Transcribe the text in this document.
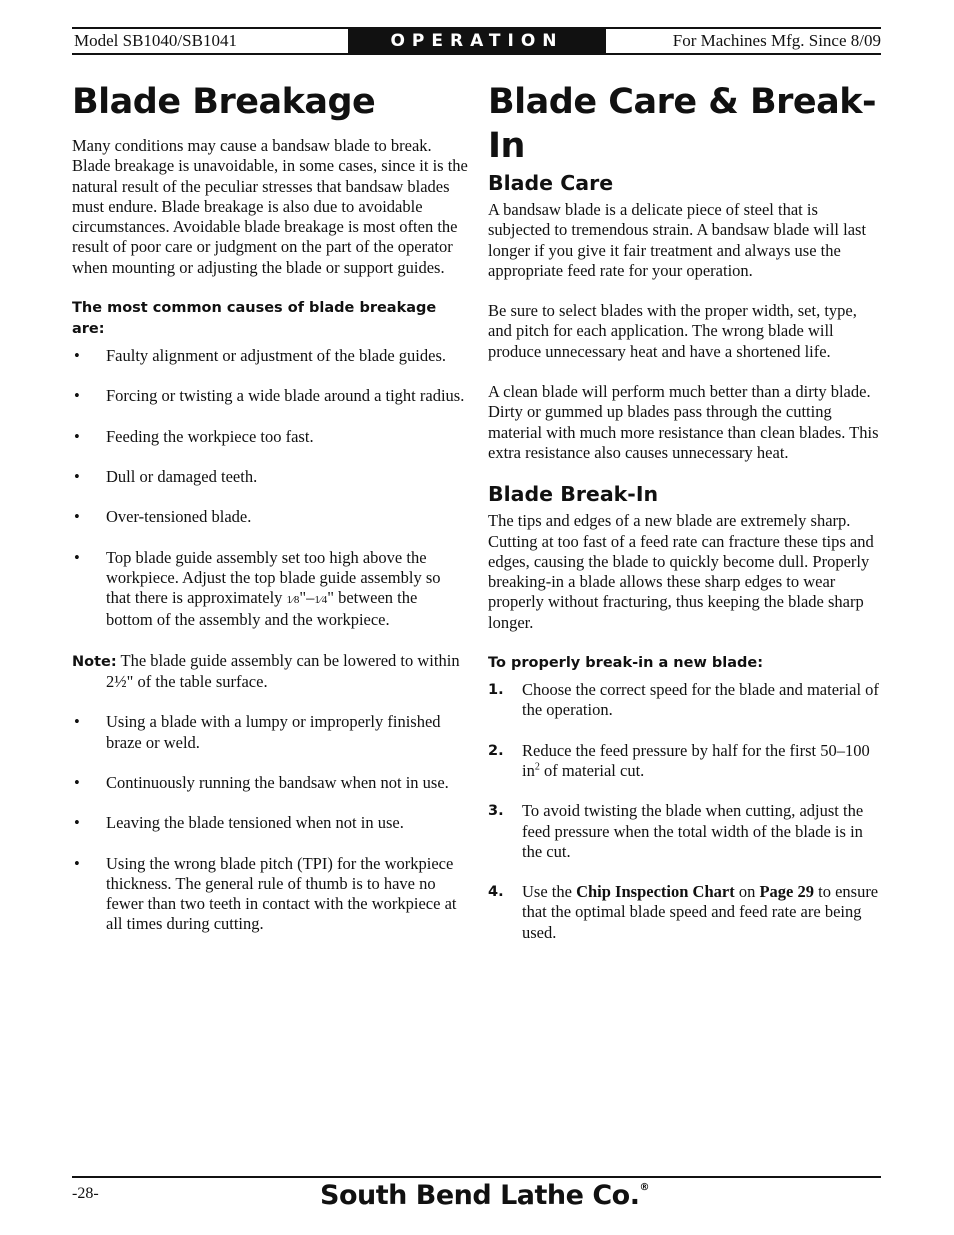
Model SB1040/SB1041	OPERATION	For Machines Mfg. Since 8/09
Blade Breakage

Many conditions may cause a bandsaw blade to break. Blade breakage is unavoidable, in some cases, since it is the natural result of the peculiar stresses that bandsaw blades must endure. Blade breakage is also due to avoidable circumstances. Avoidable blade breakage is most often the result of poor care or judgment on the part of the operator when mounting or adjusting the blade or support guides.

The most common causes of blade breakage are:
• Faulty alignment or adjustment of the blade guides.
• Forcing or twisting a wide blade around a tight radius.
• Feeding the workpiece too fast.
• Dull or damaged teeth.
• Over-tensioned blade.
• Top blade guide assembly set too high above the workpiece. Adjust the top blade guide assembly so that there is approximately 1⁄8"–1⁄4" between the bottom of the assembly and the workpiece.
Note: The blade guide assembly can be lowered to within 2½" of the table surface.
• Using a blade with a lumpy or improperly finished braze or weld.
• Continuously running the bandsaw when not in use.
• Leaving the blade tensioned when not in use.
• Using the wrong blade pitch (TPI) for the workpiece thickness. The general rule of thumb is to have no fewer than two teeth in contact with the workpiece at all times during cutting.
Blade Care & Break-In
Blade Care

A bandsaw blade is a delicate piece of steel that is subjected to tremendous strain. A bandsaw blade will last longer if you give it fair treatment and always use the appropriate feed rate for your operation.

Be sure to select blades with the proper width, set, type, and pitch for each application. The wrong blade will produce unnecessary heat and have a shortened life.

A clean blade will perform much better than a dirty blade. Dirty or gummed up blades pass through the cutting material with much more resistance than clean blades. This extra resistance also causes unnecessary heat.

Blade Break-In

The tips and edges of a new blade are extremely sharp. Cutting at too fast of a feed rate can fracture these tips and edges, causing the blade to quickly become dull. Properly breaking-in a blade allows these sharp edges to wear properly without fracturing, thus keeping the blade sharp longer.

To properly break-in a new blade:
1. Choose the correct speed for the blade and material of the operation.
2. Reduce the feed pressure by half for the first 50–100 $in^2$ of material cut.
3. To avoid twisting the blade when cutting, adjust the feed pressure when the total width of the blade is in the cut.
4. Use the Chip Inspection Chart on Page 29 to ensure that the optimal blade speed and feed rate are being used.
-28-	South Bend Lathe Co.®
